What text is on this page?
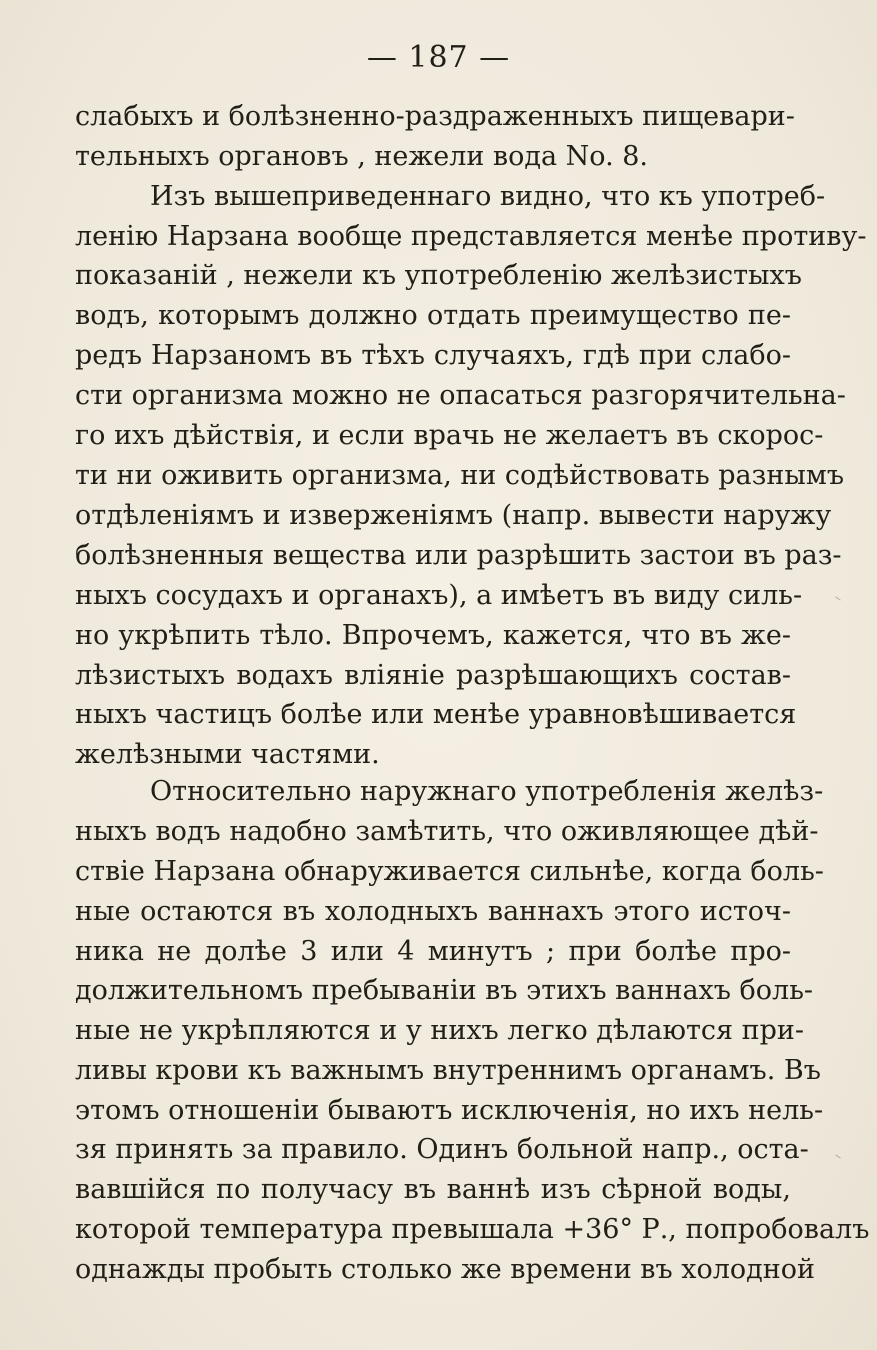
— 187 —
слабыхъ и болѣзненно-раздраженныхъ пищевари-
тельныхъ органовъ , нежели вода No. 8.
Изъ вышеприведеннаго видно, что къ употреб-
ленію Нарзана вообще представляется менѣе противу-
показаній , нежели къ употребленію желѣзистыхъ
водъ, которымъ должно отдать преимущество пе-
редъ Нарзаномъ въ тѣхъ случаяхъ, гдѣ при слабо-
сти организма можно не опасаться разгорячительна-
го ихъ дѣйствія, и если врачь не желаетъ въ скорос-
ти ни оживить организма, ни содѣйствовать разнымъ
отдѣленіямъ и изверженіямъ (напр. вывести наружу
болѣзненныя вещества или разрѣшить застои въ раз-
ныхъ сосудахъ и органахъ), а имѣетъ въ виду силь-
но укрѣпить тѣло. Впрочемъ, кажется, что въ же-
лѣзистыхъ водахъ вліяніе разрѣшающихъ состав-
ныхъ частицъ болѣе или менѣе уравновѣшивается
желѣзными частями.
Относительно наружнаго употребленія желѣз-
ныхъ водъ надобно замѣтить, что оживляющее дѣй-
ствіе Нарзана обнаруживается сильнѣе, когда боль-
ные остаются въ холодныхъ ваннахъ этого источ-
ника не долѣе 3 или 4 минутъ ; при болѣе про-
должительномъ пребываніи въ этихъ ваннахъ боль-
ные не укрѣпляются и у нихъ легко дѣлаются при-
ливы крови къ важнымъ внутреннимъ органамъ. Въ
этомъ отношеніи бываютъ исключенія, но ихъ нель-
зя принять за правило. Одинъ больной напр., оста-
вавшійся по получасу въ ваннѣ изъ сѣрной воды,
которой температура превышала +36° Р., попробовалъ
однажды пробыть столько же времени въ холодной
